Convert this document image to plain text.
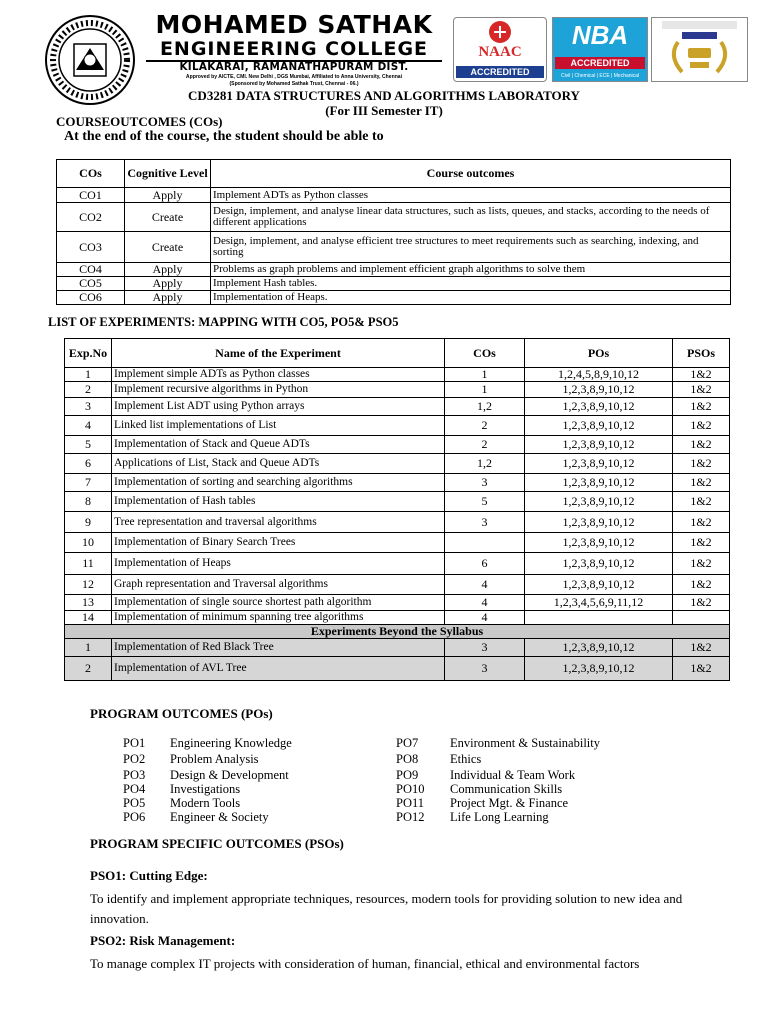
MOHAMED SATHAK
ENGINEERING COLLEGE
KILAKARAI, RAMANATHAPURAM DIST.
Approved by AICTE, CMI. New Delhi , DGS Mumbai, Affiliated to Anna University, Chennai
(Sponsored by Mohamed Sathak Trust, Chennai - 06.)
NAAC
ACCREDITED
NBA
ACCREDITED
Civil | Chemical | ECE | Mechanical
CD3281 DATA STRUCTURES AND ALGORITHMS LABORATORY
(For III Semester IT)
COURSEOUTCOMES (COs)
At the end of the course, the student should be able to
COs	Cognitive Level	Course outcomes
CO1	Apply	Implement ADTs as Python classes
CO2	Create	Design, implement, and analyse linear data structures, such as lists, queues, and stacks, according to the needs of different applications
CO3	Create	Design, implement, and analyse efficient tree structures to meet requirements such as searching, indexing, and sorting
CO4	Apply	Problems as graph problems and implement efficient graph algorithms to solve them
CO5	Apply	Implement Hash tables.
CO6	Apply	Implementation of Heaps.
LIST OF EXPERIMENTS: MAPPING WITH CO5, PO5& PSO5
Exp.No	Name of the Experiment	COs	POs	PSOs
1	Implement simple ADTs as Python classes	1	1,2,4,5,8,9,10,12	1&2
2	Implement recursive algorithms in Python	1	1,2,3,8,9,10,12	1&2
3	Implement List ADT using Python arrays	1,2	1,2,3,8,9,10,12	1&2
4	Linked list implementations of List	2	1,2,3,8,9,10,12	1&2
5	Implementation of Stack and Queue ADTs	2	1,2,3,8,9,10,12	1&2
6	Applications of List, Stack and Queue ADTs	1,2	1,2,3,8,9,10,12	1&2
7	Implementation of sorting and searching algorithms	3	1,2,3,8,9,10,12	1&2
8	Implementation of Hash tables	5	1,2,3,8,9,10,12	1&2
9	Tree representation and traversal algorithms	3	1,2,3,8,9,10,12	1&2
10	Implementation of Binary Search Trees		1,2,3,8,9,10,12	1&2
11	Implementation of Heaps	6	1,2,3,8,9,10,12	1&2
12	Graph representation and Traversal algorithms	4	1,2,3,8,9,10,12	1&2
13	Implementation of single source shortest path algorithm	4	1,2,3,4,5,6,9,11,12	1&2
14	Implementation of minimum spanning tree algorithms	4		
Experiments Beyond the Syllabus				
1	Implementation of Red Black Tree	3	1,2,3,8,9,10,12	1&2
2	Implementation of AVL Tree	3	1,2,3,8,9,10,12	1&2
PROGRAM OUTCOMES (POs)
PO1 Engineering Knowledge
PO2 Problem Analysis
PO3 Design & Development
PO4 Investigations
PO5 Modern Tools
PO6 Engineer & Society
PO7	Environment & Sustainability
PO8	Ethics
PO9	Individual & Team Work
PO10 Communication Skills
PO11 Project Mgt. & Finance
PO12 Life Long Learning
PROGRAM SPECIFIC OUTCOMES (PSOs)
PSO1: Cutting Edge:
To identify and implement appropriate techniques, resources, modern tools for providing solution to new idea and innovation.
PSO2: Risk Management:
To manage complex IT projects with consideration of human, financial, ethical and environmental factors
